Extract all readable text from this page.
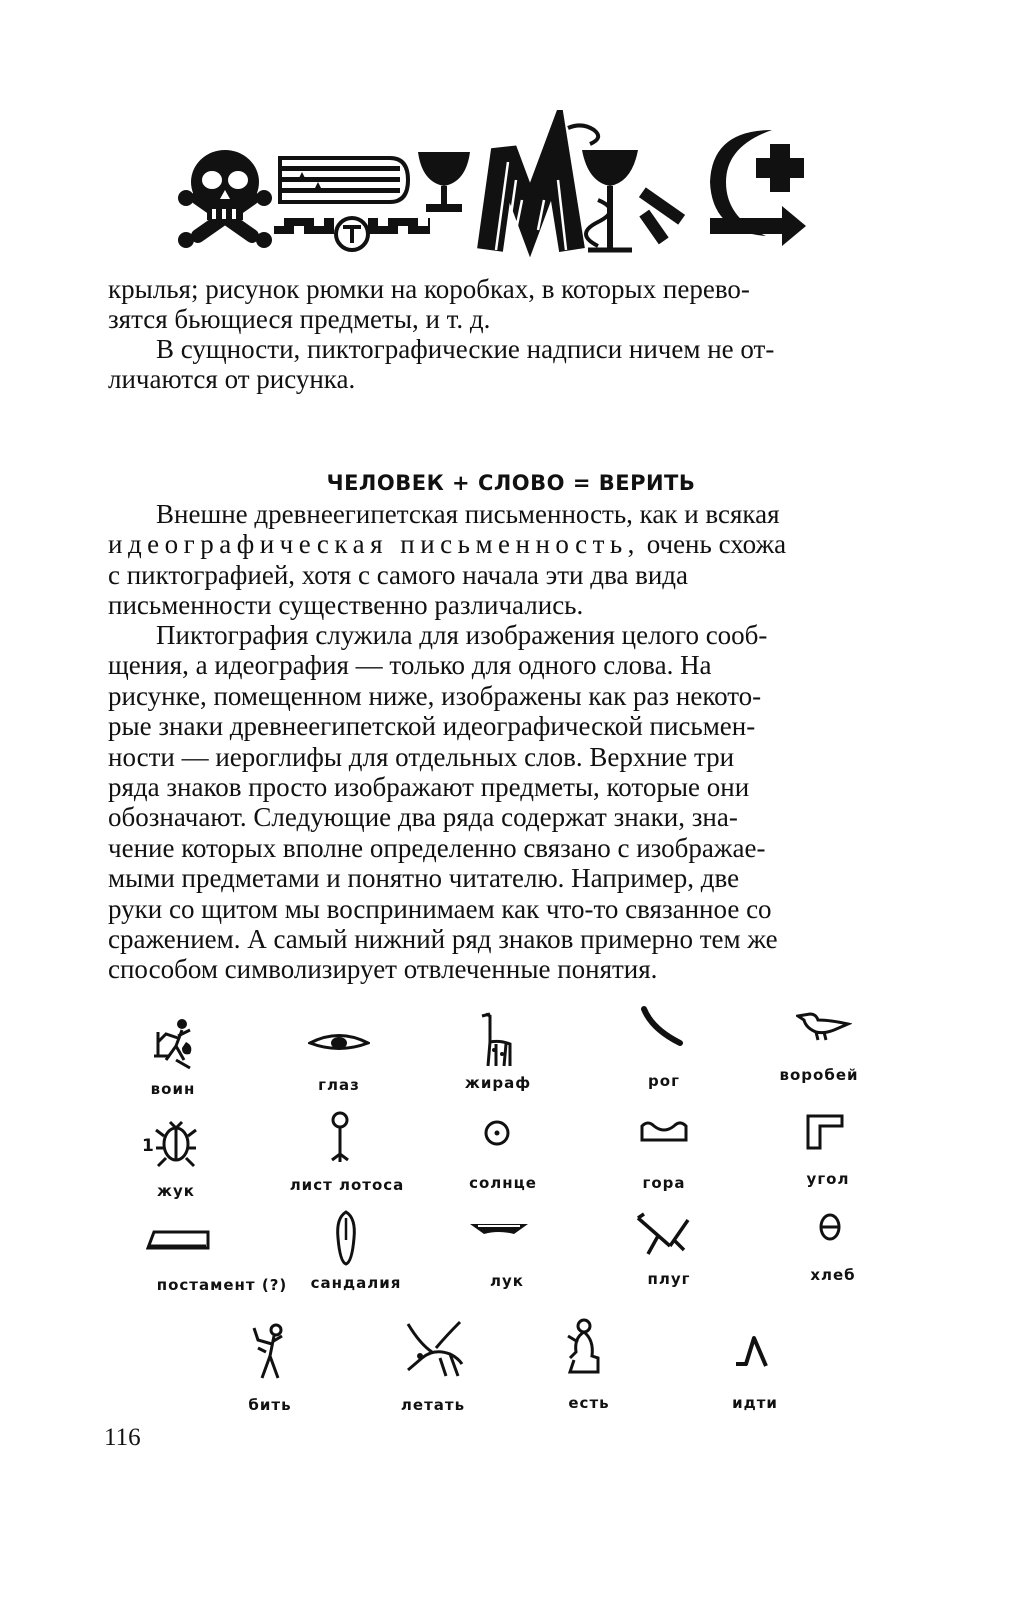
крылья; рисунок рюмки на коробках, в которых перево-

зятся бьющиеся предметы, и т. д.

В сущности, пиктографические надписи ничем не от-

личаются от рисунка.

ЧЕЛОВЕК + СЛОВО = ВЕРИТЬ

Внешне древнеегипетская письменность, как и всякая

идеографическая письменность, очень схожа

с пиктографией, хотя с самого начала эти два вида

письменности существенно различались.

Пиктография служила для изображения целого сооб-

щения, а идеография — только для одного слова. На

рисунке, помещенном ниже, изображены как раз некото-

рые знаки древнеегипетской идеографической письмен-

ности — иероглифы для отдельных слов. Верхние три

ряда знаков просто изображают предметы, которые они

обозначают. Следующие два ряда содержат знаки, зна-

чение которых вполне определенно связано с изображае-

мыми предметами и понятно читателю. Например, две

руки со щитом мы воспринимаем как что-то связанное со

сражением. А самый нижний ряд знаков примерно тем же

способом символизирует отвлеченные понятия.

воин	глаз	жираф	рог	воробей
1
жук	лист лотоса	солнце	гора	угол
постамент (?) сандалия	лук	плуг	хлеб
бить	летать	есть	идти
116
